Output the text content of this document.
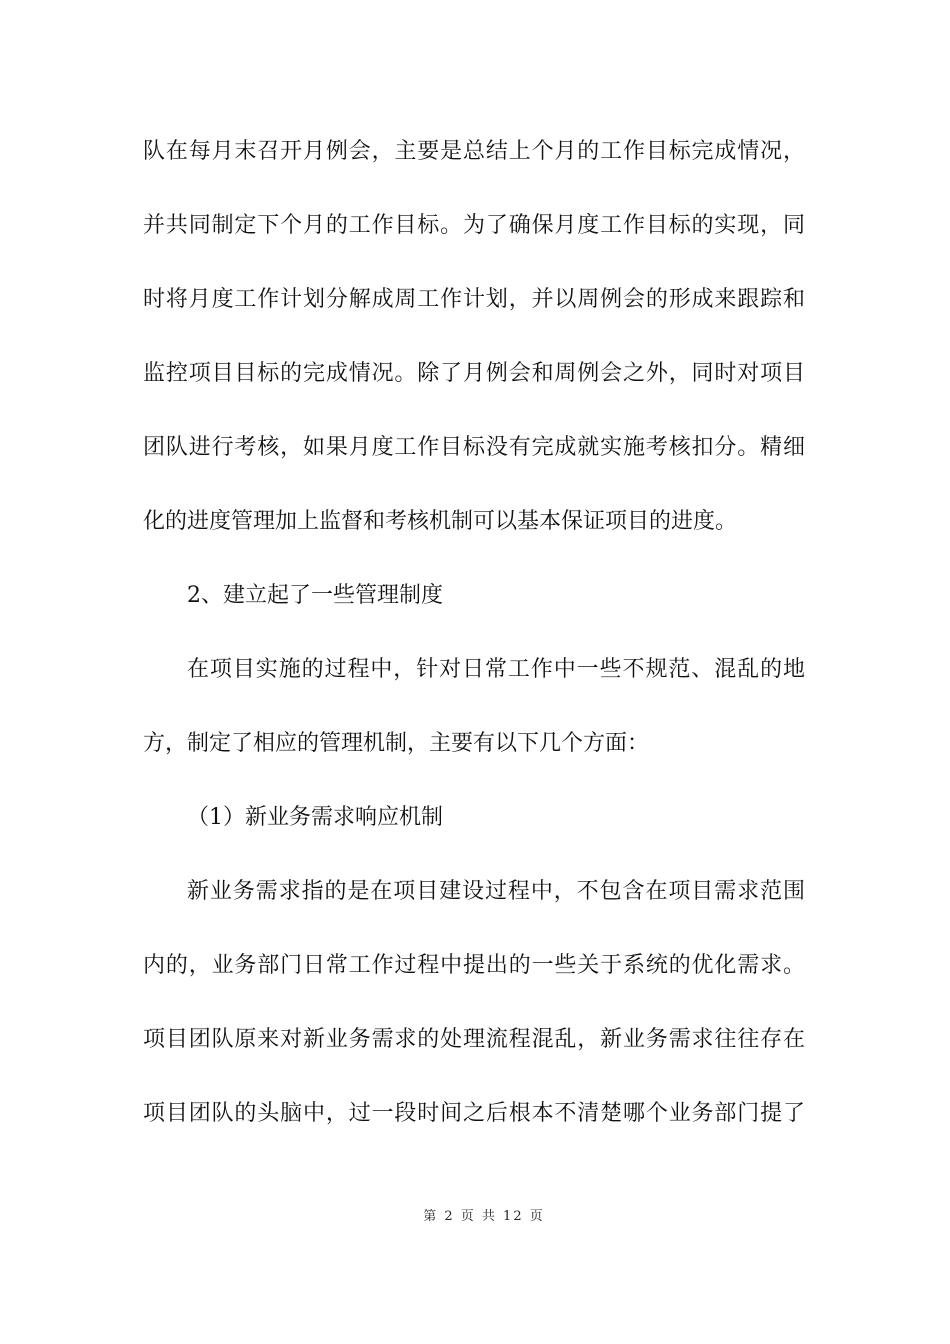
队在每月末召开月例会，主要是总结上个月的工作目标完成情况，
并共同制定下个月的工作目标。为了确保月度工作目标的实现，同
时将月度工作计划分解成周工作计划，并以周例会的形成来跟踪和
监控项目目标的完成情况。除了月例会和周例会之外，同时对项目
团队进行考核，如果月度工作目标没有完成就实施考核扣分。精细
化的进度管理加上监督和考核机制可以基本保证项目的进度。
2、建立起了一些管理制度
在项目实施的过程中，针对日常工作中一些不规范、混乱的地
方，制定了相应的管理机制，主要有以下几个方面：
（1）新业务需求响应机制
新业务需求指的是在项目建设过程中，不包含在项目需求范围
内的，业务部门日常工作过程中提出的一些关于系统的优化需求。
项目团队原来对新业务需求的处理流程混乱，新业务需求往往存在
项目团队的头脑中，过一段时间之后根本不清楚哪个业务部门提了
第 2 页 共 12 页
